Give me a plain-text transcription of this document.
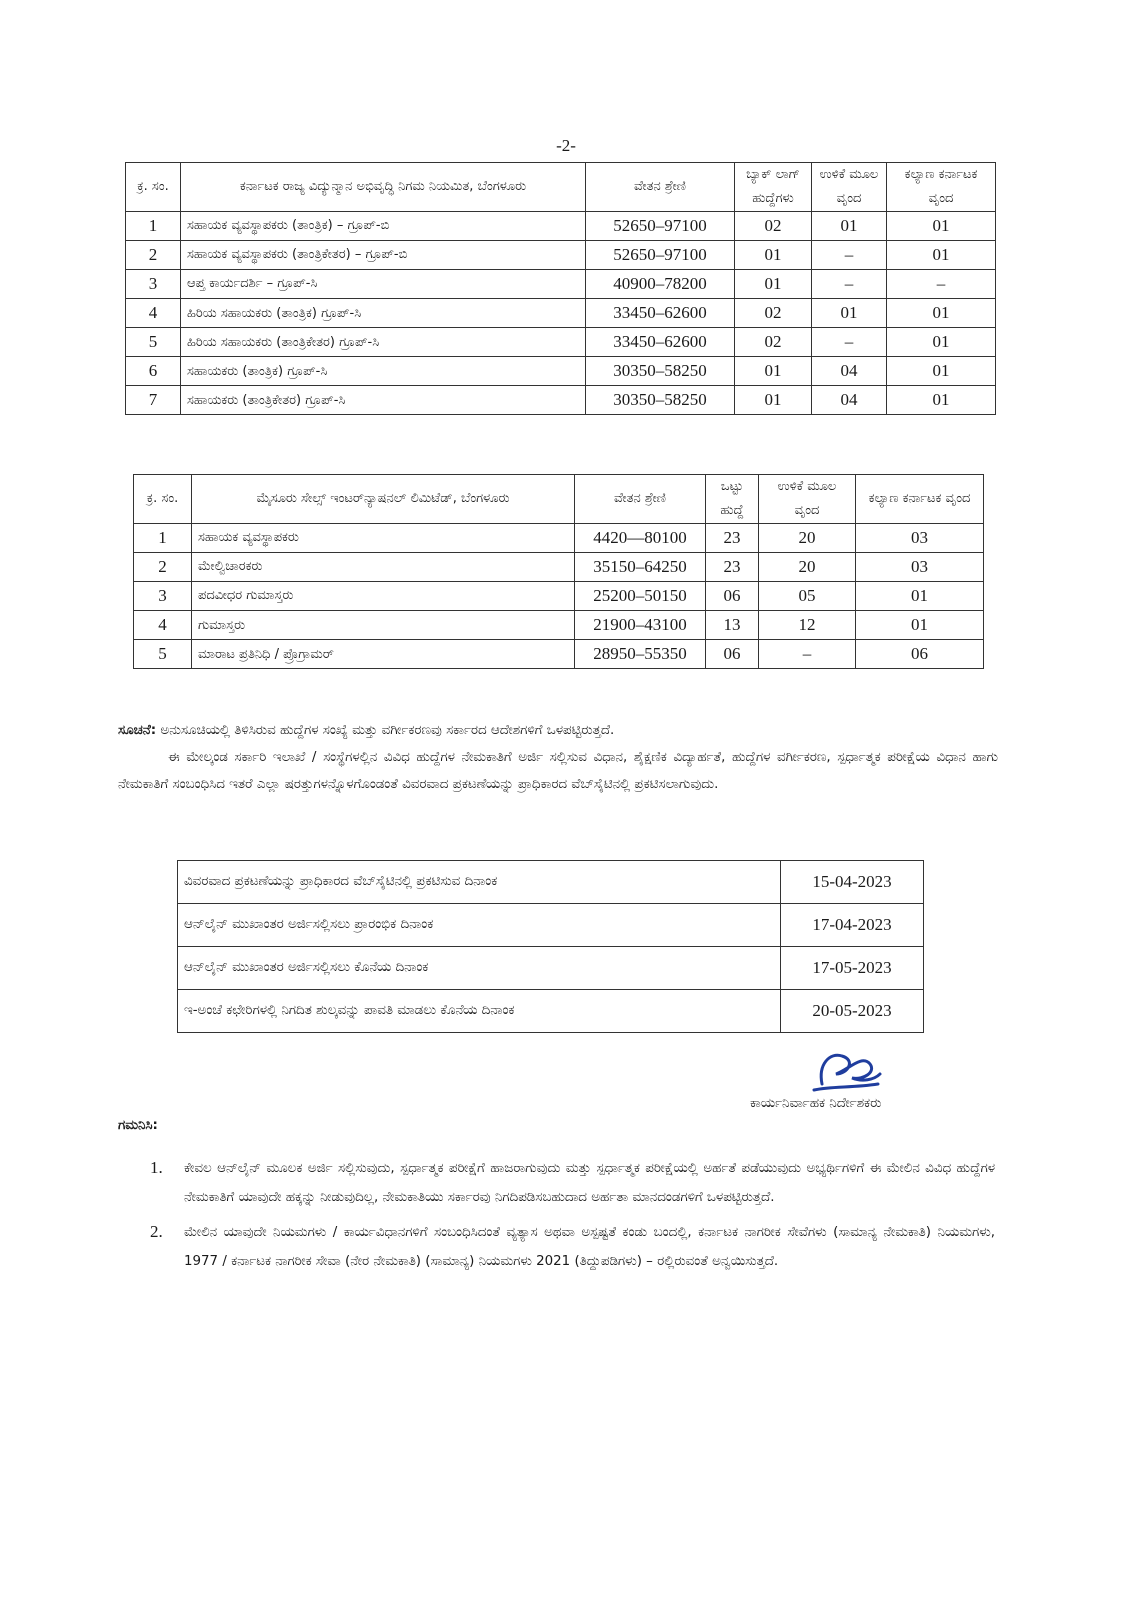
-2-
ಕ್ರ. ಸಂ.	ಕರ್ನಾಟಕ ರಾಜ್ಯ ವಿದ್ಯುನ್ಮಾನ ಅಭಿವೃದ್ಧಿ ನಿಗಮ ನಿಯಮಿತ, ಬೆಂಗಳೂರು	ವೇತನ ಶ್ರೇಣಿ	ಬ್ಯಾಕ್ ಲಾಗ್ ಹುದ್ದೆಗಳು	ಉಳಿಕೆ ಮೂಲ ವೃಂದ	ಕಲ್ಯಾಣ ಕರ್ನಾಟಕ ವೃಂದ
1	ಸಹಾಯಕ ವ್ಯವಸ್ಥಾಪಕರು (ತಾಂತ್ರಿಕ) – ಗ್ರೂಪ್-ಬಿ	52650–97100	02	01	01
2	ಸಹಾಯಕ ವ್ಯವಸ್ಥಾಪಕರು (ತಾಂತ್ರಿಕೇತರ) – ಗ್ರೂಪ್-ಬಿ	52650–97100	01	–	01
3	ಆಪ್ತ ಕಾರ್ಯದರ್ಶಿ – ಗ್ರೂಪ್-ಸಿ	40900–78200	01	–	–
4	ಹಿರಿಯ ಸಹಾಯಕರು (ತಾಂತ್ರಿಕ) ಗ್ರೂಪ್-ಸಿ	33450–62600	02	01	01
5	ಹಿರಿಯ ಸಹಾಯಕರು (ತಾಂತ್ರಿಕೇತರ) ಗ್ರೂಪ್-ಸಿ	33450–62600	02	–	01
6	ಸಹಾಯಕರು (ತಾಂತ್ರಿಕ) ಗ್ರೂಪ್-ಸಿ	30350–58250	01	04	01
7	ಸಹಾಯಕರು (ತಾಂತ್ರಿಕೇತರ) ಗ್ರೂಪ್-ಸಿ	30350–58250	01	04	01
ಕ್ರ. ಸಂ.	ಮೈಸೂರು ಸೇಲ್ಸ್ ಇಂಟರ್‌ನ್ಯಾಷನಲ್ ಲಿಮಿಟೆಡ್, ಬೆಂಗಳೂರು	ವೇತನ ಶ್ರೇಣಿ	ಒಟ್ಟು ಹುದ್ದೆ	ಉಳಿಕೆ ಮೂಲ ವೃಂದ	ಕಲ್ಯಾಣ ಕರ್ನಾಟಕ ವೃಂದ
1	ಸಹಾಯಕ ವ್ಯವಸ್ಥಾಪಕರು	4420—80100	23	20	03
2	ಮೇಲ್ವಿಚಾರಕರು	35150–64250	23	20	03
3	ಪದವೀಧರ ಗುಮಾಸ್ತರು	25200–50150	06	05	01
4	ಗುಮಾಸ್ತರು	21900–43100	13	12	01
5	ಮಾರಾಟ ಪ್ರತಿನಿಧಿ / ಪ್ರೊಗ್ರಾಮರ್	28950–55350	06	–	06
ಸೂಚನೆ: ಅನುಸೂಚಿಯಲ್ಲಿ ತಿಳಿಸಿರುವ ಹುದ್ದೆಗಳ ಸಂಖ್ಯೆ ಮತ್ತು ವರ್ಗೀಕರಣವು ಸರ್ಕಾರದ ಆದೇಶಗಳಿಗೆ ಒಳಪಟ್ಟಿರುತ್ತದೆ.
ಈ ಮೇಲ್ಕಂಡ ಸರ್ಕಾರಿ ಇಲಾಖೆ / ಸಂಸ್ಥೆಗಳಲ್ಲಿನ ವಿವಿಧ ಹುದ್ದೆಗಳ ನೇಮಕಾತಿಗೆ ಅರ್ಜಿ ಸಲ್ಲಿಸುವ ವಿಧಾನ, ಶೈಕ್ಷಣಿಕ ವಿದ್ಯಾರ್ಹತೆ, ಹುದ್ದೆಗಳ ವರ್ಗೀಕರಣ, ಸ್ಪರ್ಧಾತ್ಮಕ ಪರೀಕ್ಷೆಯ ವಿಧಾನ ಹಾಗು ನೇಮಕಾತಿಗೆ ಸಂಬಂಧಿಸಿದ ಇತರೆ ಎಲ್ಲಾ ಷರತ್ತುಗಳನ್ನೊಳಗೊಂಡಂತೆ ವಿವರವಾದ ಪ್ರಕಟಣೆಯನ್ನು ಪ್ರಾಧಿಕಾರದ ವೆಬ್‌ಸೈಟಿನಲ್ಲಿ ಪ್ರಕಟಿಸಲಾಗುವುದು.
ವಿವರವಾದ ಪ್ರಕಟಣೆಯನ್ನು ಪ್ರಾಧಿಕಾರದ ವೆಬ್‌ಸೈಟಿನಲ್ಲಿ ಪ್ರಕಟಿಸುವ ದಿನಾಂಕ	15-04-2023
ಆನ್‌ಲೈನ್ ಮುಖಾಂತರ ಅರ್ಜಿಸಲ್ಲಿಸಲು ಪ್ರಾರಂಭಿಕ ದಿನಾಂಕ	17-04-2023
ಆನ್‌ಲೈನ್ ಮುಖಾಂತರ ಅರ್ಜಿಸಲ್ಲಿಸಲು ಕೊನೆಯ ದಿನಾಂಕ	17-05-2023
ಇ-ಅಂಚೆ ಕಛೇರಿಗಳಲ್ಲಿ ನಿಗದಿತ ಶುಲ್ಕವನ್ನು ಪಾವತಿ ಮಾಡಲು ಕೊನೆಯ ದಿನಾಂಕ	20-05-2023
ಕಾರ್ಯನಿರ್ವಾಹಕ ನಿರ್ದೇಶಕರು
ಗಮನಿಸಿ:
1.	ಕೇವಲ ಆನ್‌ಲೈನ್ ಮೂಲಕ ಅರ್ಜಿ ಸಲ್ಲಿಸುವುದು, ಸ್ಪರ್ಧಾತ್ಮಕ ಪರೀಕ್ಷೆಗೆ ಹಾಜರಾಗುವುದು ಮತ್ತು ಸ್ಪರ್ಧಾತ್ಮಕ ಪರೀಕ್ಷೆಯಲ್ಲಿ ಅರ್ಹತೆ ಪಡೆಯುವುದು ಅಭ್ಯರ್ಥಿಗಳಿಗೆ ಈ ಮೇಲಿನ ವಿವಿಧ ಹುದ್ದೆಗಳ ನೇಮಕಾತಿಗೆ ಯಾವುದೇ ಹಕ್ಕನ್ನು ನೀಡುವುದಿಲ್ಲ, ನೇಮಕಾತಿಯು ಸರ್ಕಾರವು ನಿಗದಿಪಡಿಸಬಹುದಾದ ಅರ್ಹತಾ ಮಾನದಂಡಗಳಿಗೆ ಒಳಪಟ್ಟಿರುತ್ತದೆ.
2.	ಮೇಲಿನ ಯಾವುದೇ ನಿಯಮಗಳು / ಕಾರ್ಯವಿಧಾನಗಳಿಗೆ ಸಂಬಂಧಿಸಿದಂತೆ ವ್ಯತ್ಯಾಸ ಅಥವಾ ಅಸ್ಪಷ್ಟತೆ ಕಂಡು ಬಂದಲ್ಲಿ, ಕರ್ನಾಟಕ ನಾಗರೀಕ ಸೇವೆಗಳು (ಸಾಮಾನ್ಯ ನೇಮಕಾತಿ) ನಿಯಮಗಳು, 1977 / ಕರ್ನಾಟಕ ನಾಗರೀಕ ಸೇವಾ (ನೇರ ನೇಮಕಾತಿ) (ಸಾಮಾನ್ಯ) ನಿಯಮಗಳು 2021 (ತಿದ್ದುಪಡಿಗಳು) – ರಲ್ಲಿರುವಂತೆ ಅನ್ವಯಿಸುತ್ತದೆ.
